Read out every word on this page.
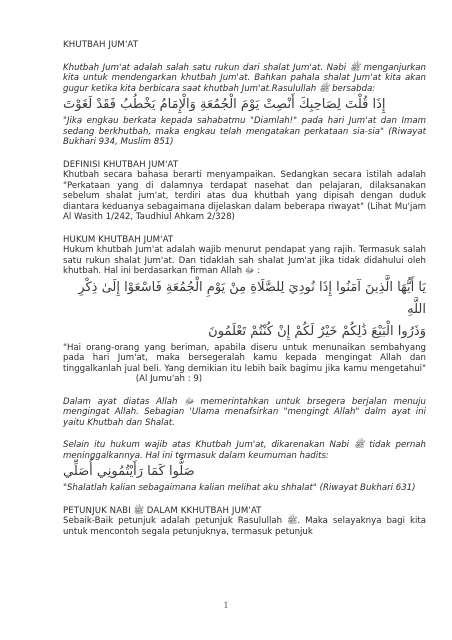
KHUTBAH JUM'AT

Khutbah Jum'at adalah salah satu rukun dari shalat Jum'at. Nabi ﷺ menganjurkan kita untuk mendengarkan khutbah Jum'at. Bahkan pahala shalat Jum'at kita akan gugur ketika kita berbicara saat khutbah Jum'at.Rasulullah ﷺ bersabda:

إِذَا قُلْتَ لِصَاحِبِكَ أَنْصِتْ يَوْمَ الْجُمُعَةِ وَالْإِمَامُ يَخْطُبُ فَقَدْ لَغَوْتَ

"Jika engkau berkata kepada sahabatmu "Diamlah!" pada hari Jum'at dan Imam sedang berkhutbah, maka engkau telah mengatakan perkataan sia-sia" (Riwayat Bukhari 934, Muslim 851)

DEFINISI KHUTBAH JUM'AT

Khutbah secara bahasa berarti menyampaikan. Sedangkan secara istilah adalah "Perkataan yang di dalamnya terdapat nasehat dan pelajaran, dilaksanakan sebelum shalat jum'at, terdiri atas dua khutbah yang dipisah dengan duduk diantara keduanya sebagaimana dijelaskan dalam beberapa riwayat" (Lihat Mu'jam Al Wasith 1/242, Taudhiul Ahkam 2/328)

HUKUM KHUTBAH JUM'AT

Hukum khutbah Jum'at adalah wajib menurut pendapat yang rajih. Termasuk salah satu rukun shalat Jum'at. Dan tidaklah sah shalat Jum'at jika tidak didahului oleh khutbah. Hal ini berdasarkan firman Allah ﷻ :

يَا أَيُّهَا الَّذِينَ آمَنُوا إِذَا نُودِيَ لِلصَّلَاةِ مِنْ يَوْمِ الْجُمُعَةِ فَاسْعَوْا إِلَىٰ ذِكْرِ اللَّهِ

وَذَرُوا الْبَيْعَ ذَٰلِكُمْ خَيْرٌ لَكُمْ إِنْ كُنْتُمْ تَعْلَمُونَ

"Hai orang-orang yang beriman, apabila diseru untuk menunaikan sembahyang pada hari Jum'at, maka bersegeralah kamu kepada mengingat Allah dan tinggalkanlah jual beli. Yang demikian itu lebih baik bagimu jika kamu mengetahui"  (Al Jumu'ah : 9)

Dalam ayat diatas Allah ﷻ memerintahkan untuk brsegera berjalan menuju mengingat Allah. Sebagian 'Ulama menafsirkan "mengingt Allah" dalm ayat ini yaitu Khutbah dan Shalat.

Selain itu hukum wajib atas Khutbah Jum'at, dikarenakan Nabi ﷺ tidak pernah meninggalkannya. Hal ini termasuk dalam keumuman hadits:

صَلُّوا كَمَا رَأَيْتُمُونِي أُصَلِّي

"Shalatlah kalian sebagaimana kalian melihat aku shhalat" (Riwayat Bukhari 631)

PETUNJUK NABI ﷺ DALAM KKHUTBAH JUM'AT

Sebaik-Baik petunjuk adalah petunjuk Rasulullah ﷺ. Maka selayaknya bagi kita untuk mencontoh segala petunjuknya, termasuk petunjuk

1
